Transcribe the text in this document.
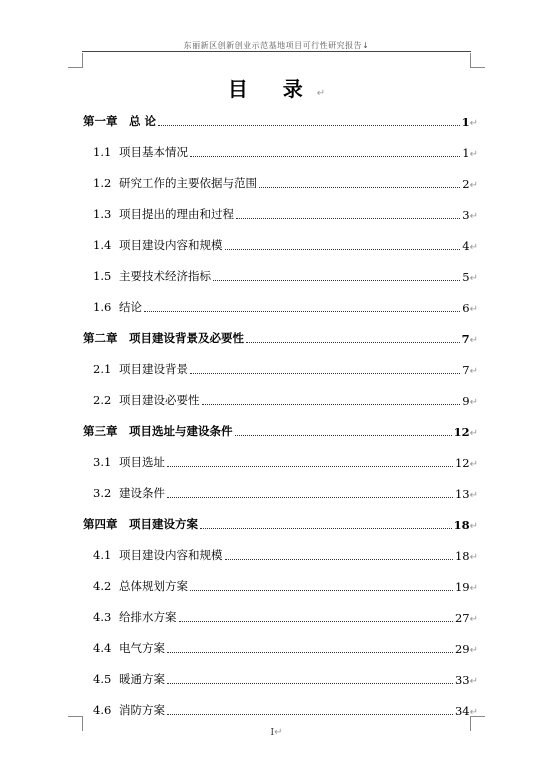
东丽新区创新创业示范基地项目可行性研究报告↓
目 录↵
第一章　总 论	1↵
1.1 项目基本情况	1↵
1.2 研究工作的主要依据与范围	2↵
1.3 项目提出的理由和过程	3↵
1.4 项目建设内容和规模	4↵
1.5 主要技术经济指标	5↵
1.6 结论	6↵
第二章　项目建设背景及必要性	7↵
2.1 项目建设背景	7↵
2.2 项目建设必要性	9↵
第三章　项目选址与建设条件	12↵
3.1 项目选址	12↵
3.2 建设条件	13↵
第四章　项目建设方案	18↵
4.1 项目建设内容和规模	18↵
4.2 总体规划方案	19↵
4.3 给排水方案	27↵
4.4 电气方案	29↵
4.5 暖通方案	33↵
4.6 消防方案	34↵
I↵
